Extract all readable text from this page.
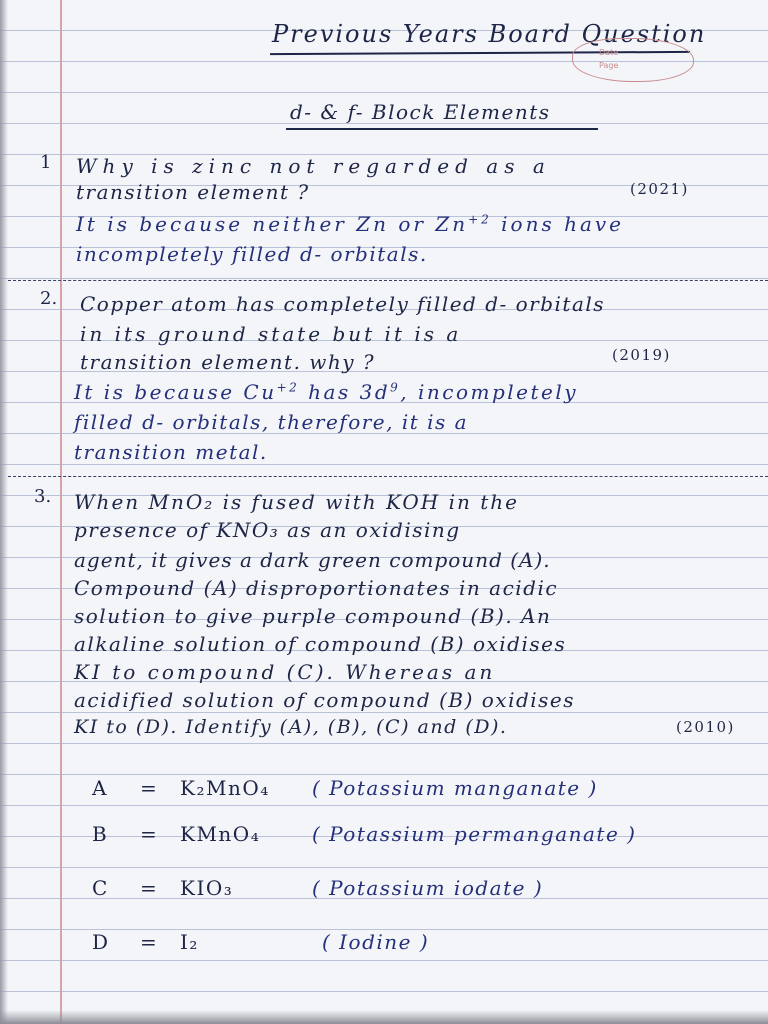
Previous Years Board Question
Date
Page
d- & f- Block Elements
1 Why is zinc not regarded as a
transition element ?	(2021)
It is because neither Zn or $Zn^{+2}$ ions have
incompletely filled d- orbitals.
2. Copper atom has completely filled d- orbitals
in its ground state but it is a
transition element. why ?	(2019)
It is because $Cu^{+2}$ has $3d^9$, incompletely
filled d- orbitals, therefore, it is a
transition metal.
3. When MnO₂ is fused with KOH in the
presence of KNO₃ as an oxidising
agent, it gives a dark green compound (A).
Compound (A) disproportionates in acidic
solution to give purple compound (B). An
alkaline solution of compound (B) oxidises
KI to compound (C). Whereas an
acidified solution of compound (B) oxidises
KI to (D). Identify (A), (B), (C) and (D).	(2010)
A = K₂MnO₄ ( Potassium manganate )
B = KMnO₄	( Potassium permanganate )
C = KIO₃	( Potassium iodate )
D = I₂	( Iodine )
